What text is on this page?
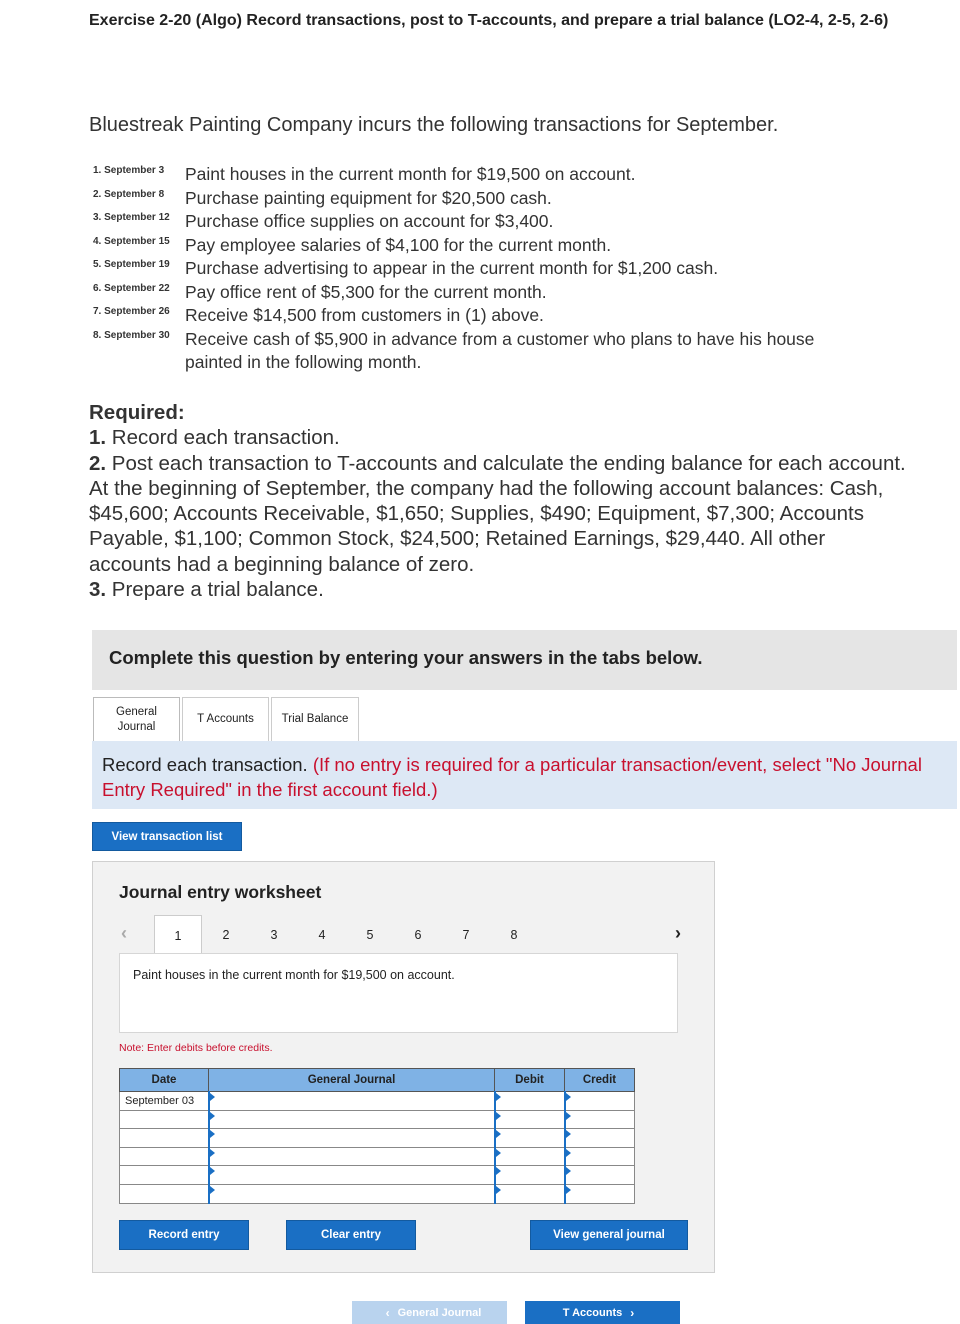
Exercise 2-20 (Algo) Record transactions, post to T-accounts, and prepare a trial balance (LO2-4, 2-5, 2-6)
Bluestreak Painting Company incurs the following transactions for September.
1. September 3	Paint houses in the current month for $19,500 on account.
2. September 8	Purchase painting equipment for $20,500 cash.
3. September 12 Purchase office supplies on account for $3,400.
4. September 15 Pay employee salaries of $4,100 for the current month.
5. September 19 Purchase advertising to appear in the current month for $1,200 cash.
6. September 22 Pay office rent of $5,300 for the current month.
7. September 26 Receive $14,500 from customers in (1) above.
8. September 30 Receive cash of $5,900 in advance from a customer who plans to have his house painted in the following month.
Required:
1. Record each transaction.
2. Post each transaction to T-accounts and calculate the ending balance for each account. At the beginning of September, the company had the following account balances: Cash, $45,600; Accounts Receivable, $1,650; Supplies, $490; Equipment, $7,300; Accounts Payable, $1,100; Common Stock, $24,500; Retained Earnings, $29,440. All other accounts had a beginning balance of zero.
3. Prepare a trial balance.
Complete this question by entering your answers in the tabs below.
General
Journal
T Accounts	Trial Balance
Record each transaction. (If no entry is required for a particular transaction/event, select "No Journal Entry Required" in the first account field.)
View transaction list
Journal entry worksheet
‹	1	2	3	4	5	6	7	8	›
Paint houses in the current month for $19,500 on account.
Note: Enter debits before credits.
Date	General Journal	Debit	Credit
September 03	

Record entry	Clear entry	View general journal
‹ General Journal	T Accounts ›
